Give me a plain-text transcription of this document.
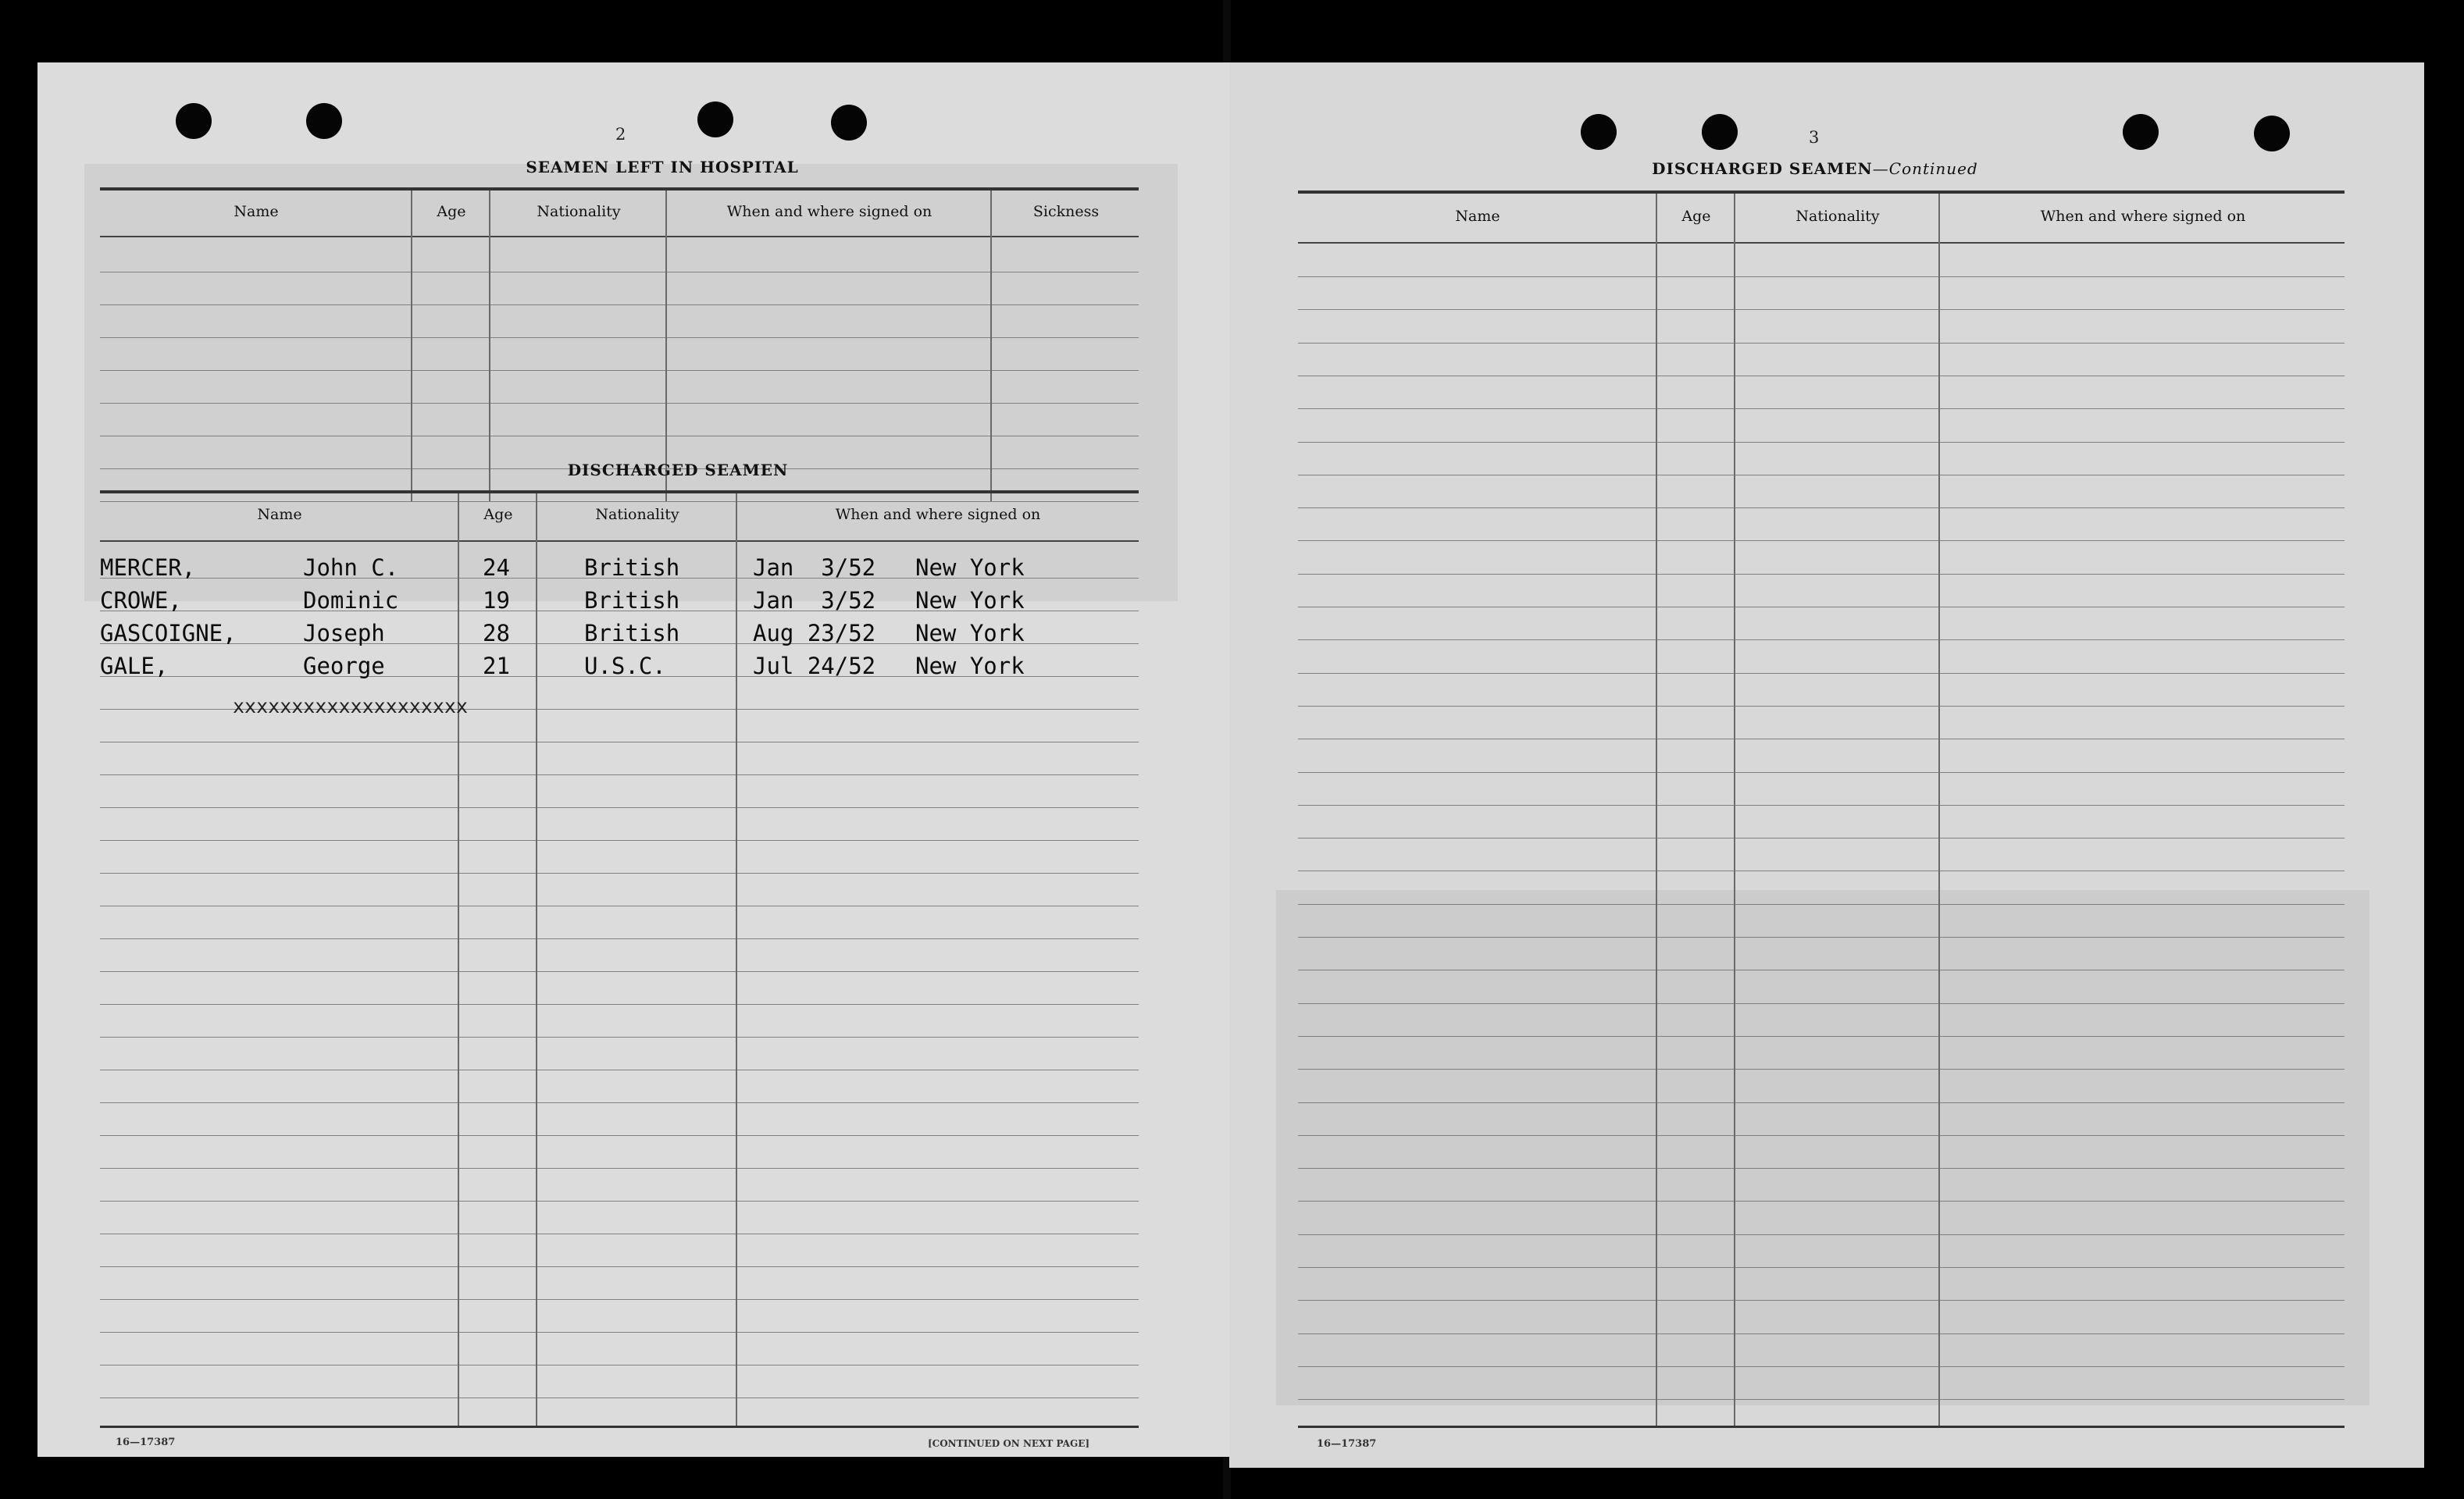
2
SEAMEN LEFT IN HOSPITAL
Name	Age	Nationality	When and where signed on	Sickness
DISCHARGED SEAMEN
Name	Age	Nationality	When and where signed on
MERCER,	John C.	24	British	Jan  3/52 New York
CROWE,	Dominic	19	British	Jan  3/52 New York
GASCOIGNE,	Joseph	28	British	Aug 23/52 New York
GALE,	George	21	U.S.C.	Jul 24/52 New York
xxxxxxxxxxxxxxxxxxxx
16—17387	[CONTINUED ON NEXT PAGE]
3
DISCHARGED SEAMEN—Continued
Name	Age	Nationality	When and where signed on
16—17387
